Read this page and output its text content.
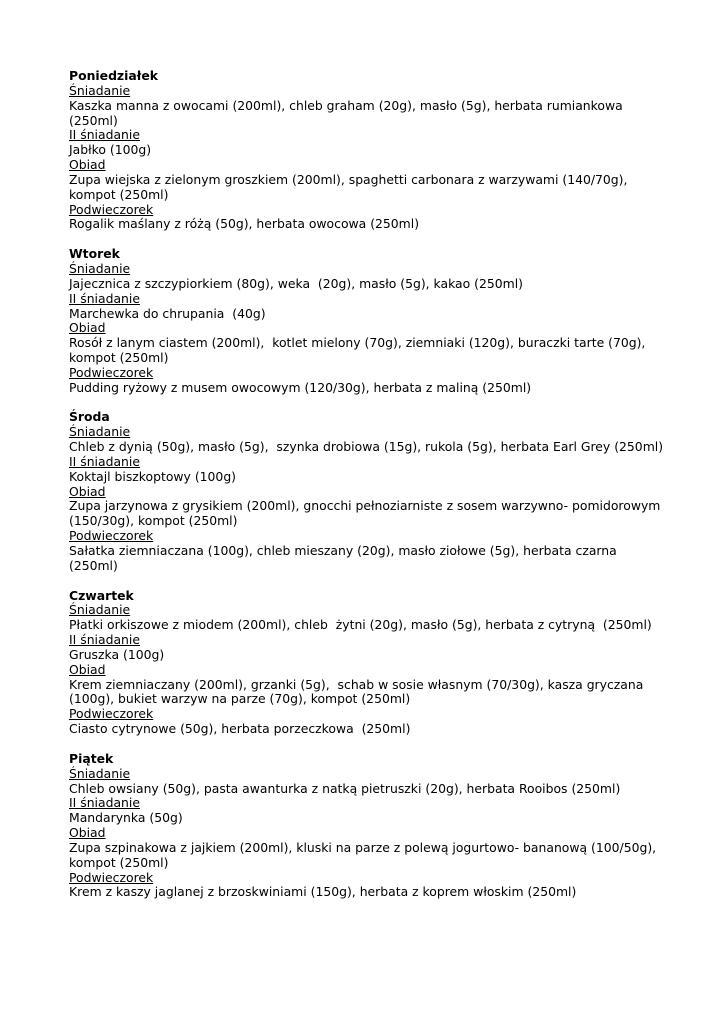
Poniedziałek

Śniadanie

Kaszka manna z owocami (200ml), chleb graham (20g), masło (5g), herbata rumiankowa (250ml)

II śniadanie

Jabłko (100g)

Obiad

Zupa wiejska z zielonym groszkiem (200ml), spaghetti carbonara z warzywami (140/70g), kompot (250ml)

Podwieczorek

Rogalik maślany z różą (50g), herbata owocowa (250ml)

Wtorek

Śniadanie

Jajecznica z szczypiorkiem (80g), weka  (20g), masło (5g), kakao (250ml)

II śniadanie

Marchewka do chrupania  (40g)

Obiad

Rosół z lanym ciastem (200ml),  kotlet mielony (70g), ziemniaki (120g), buraczki tarte (70g), kompot (250ml)

Podwieczorek

Pudding ryżowy z musem owocowym (120/30g), herbata z maliną (250ml)

Środa

Śniadanie

Chleb z dynią (50g), masło (5g),  szynka drobiowa (15g), rukola (5g), herbata Earl Grey (250ml)

II śniadanie

Koktajl biszkoptowy (100g)

Obiad

Zupa jarzynowa z grysikiem (200ml), gnocchi pełnoziarniste z sosem warzywno- pomidorowym (150/30g), kompot (250ml)

Podwieczorek

Sałatka ziemniaczana (100g), chleb mieszany (20g), masło ziołowe (5g), herbata czarna (250ml)

Czwartek

Śniadanie

Płatki orkiszowe z miodem (200ml), chleb  żytni (20g), masło (5g), herbata z cytryną  (250ml)

II śniadanie

Gruszka (100g)

Obiad

Krem ziemniaczany (200ml), grzanki (5g),  schab w sosie własnym (70/30g), kasza gryczana (100g), bukiet warzyw na parze (70g), kompot (250ml)

Podwieczorek

Ciasto cytrynowe (50g), herbata porzeczkowa  (250ml)

Piątek

Śniadanie

Chleb owsiany (50g), pasta awanturka z natką pietruszki (20g), herbata Rooibos (250ml)

II śniadanie

Mandarynka (50g)

Obiad

Zupa szpinakowa z jajkiem (200ml), kluski na parze z polewą jogurtowo- bananową (100/50g), kompot (250ml)

Podwieczorek

Krem z kaszy jaglanej z brzoskwiniami (150g), herbata z koprem włoskim (250ml)
